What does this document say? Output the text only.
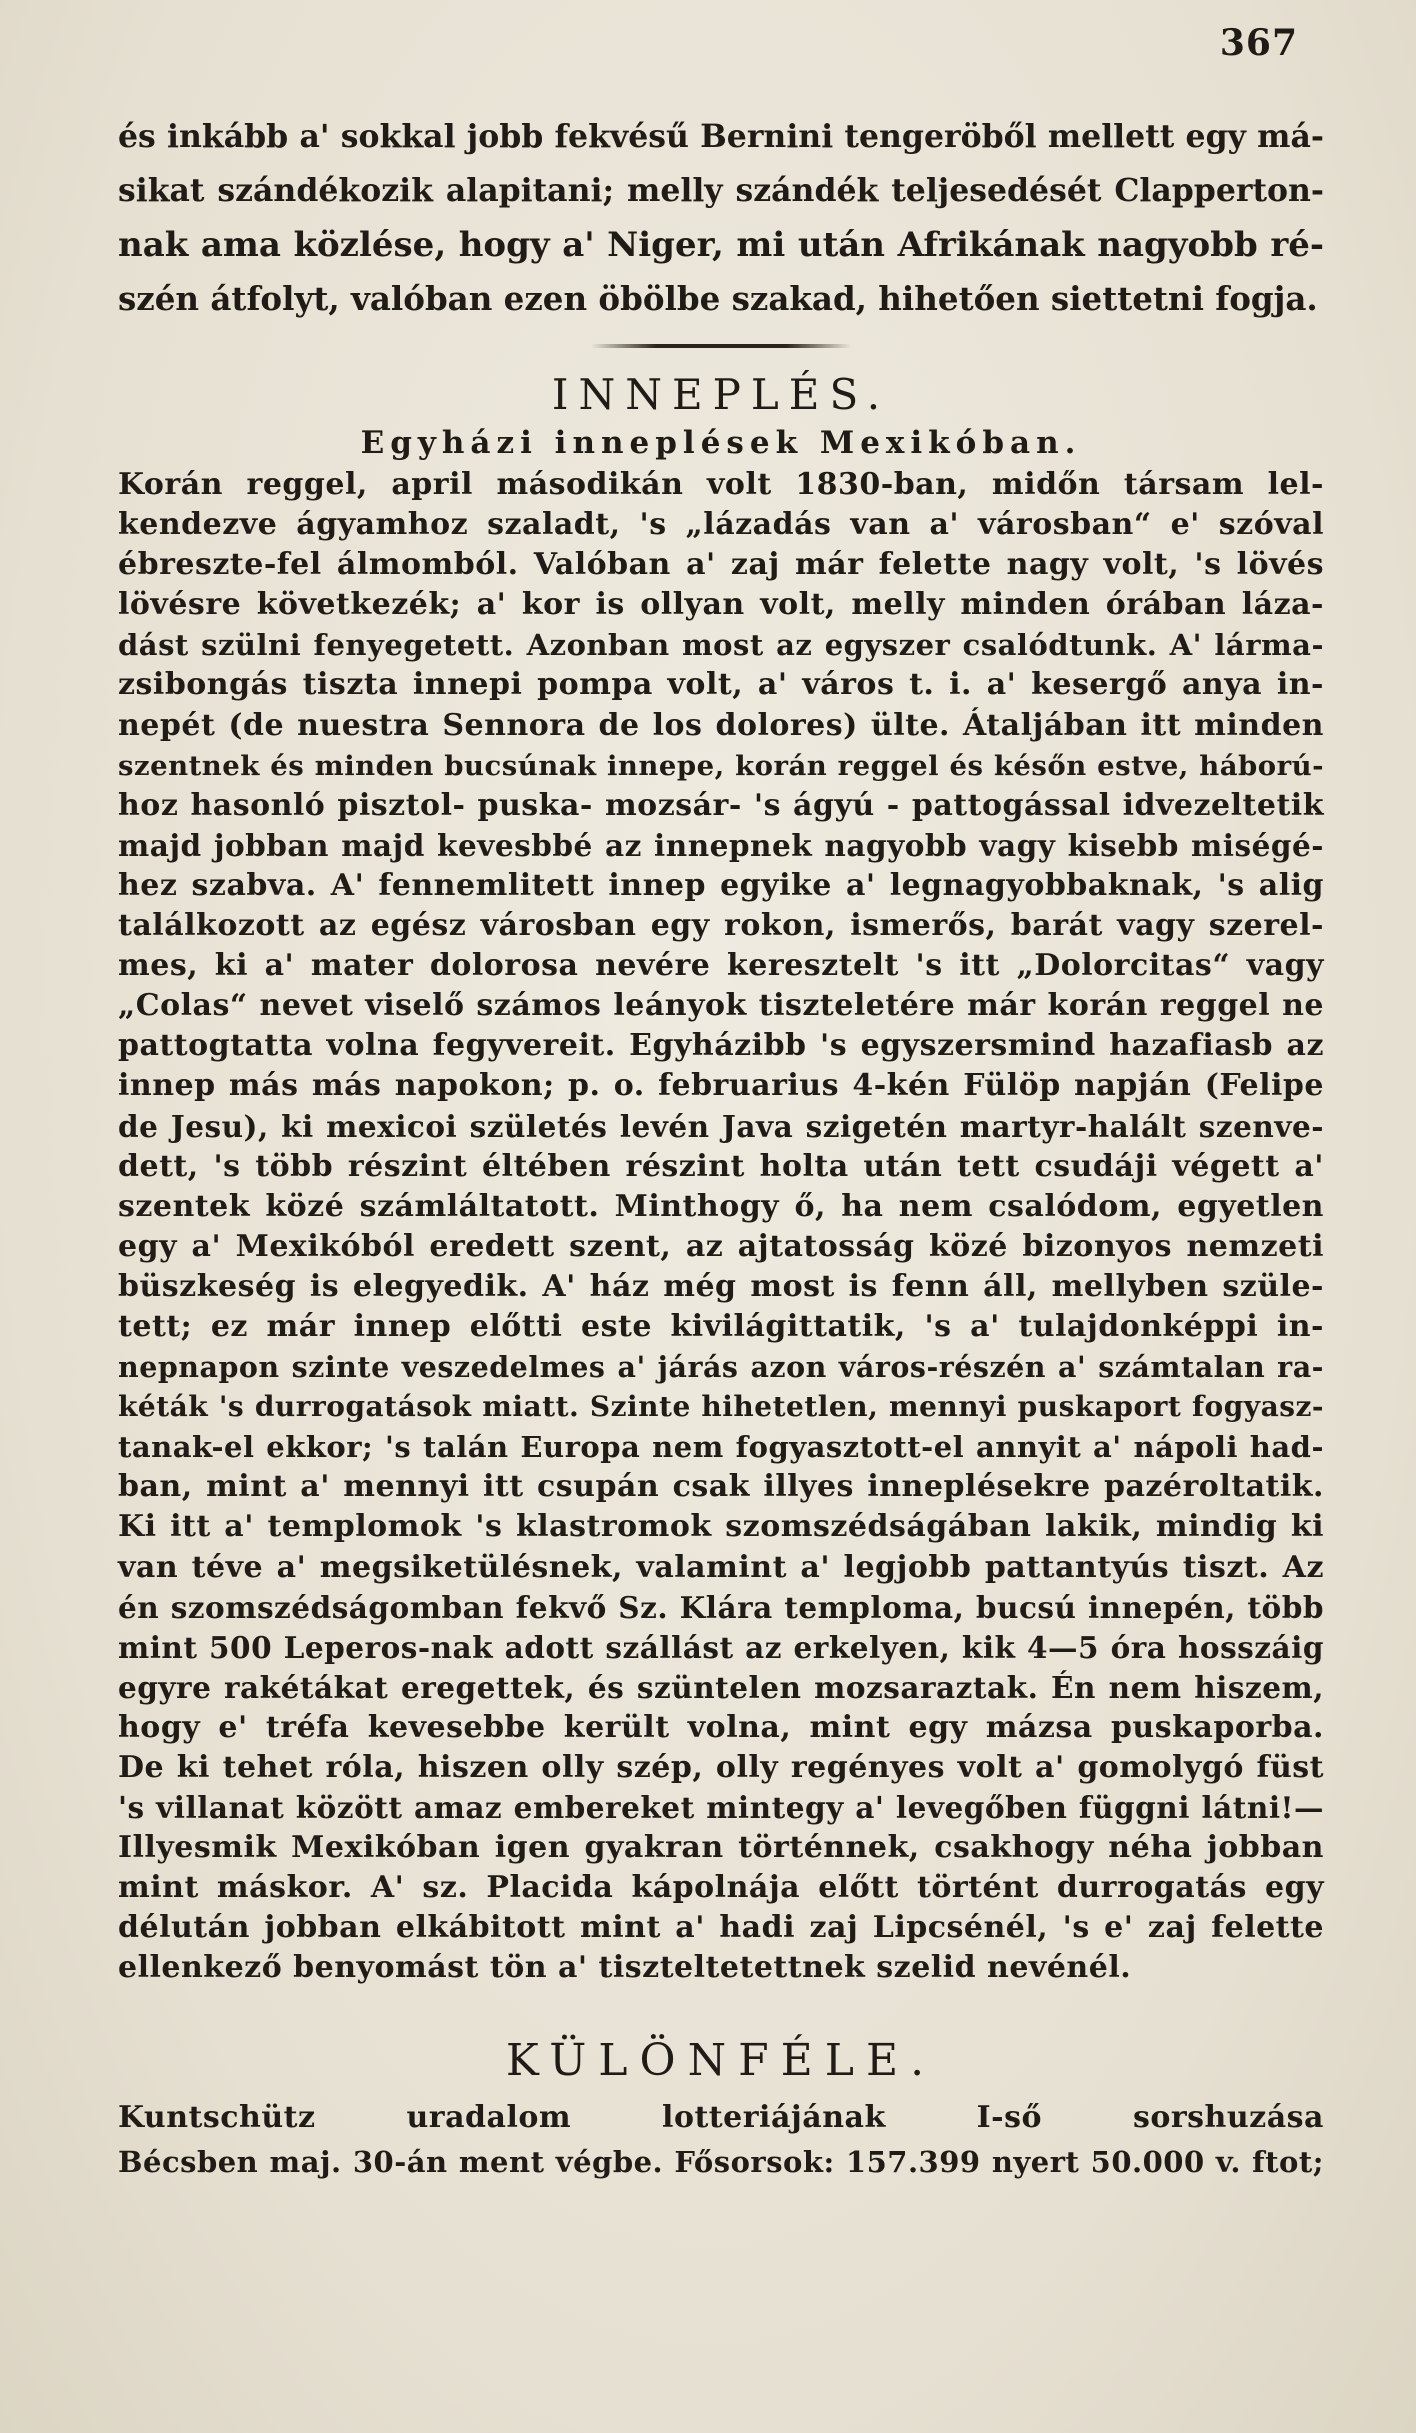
367
és inkább a' sokkal jobb fekvésű Bernini tengeröből mellett egy má-
sikat szándékozik alapitani; melly szándék teljesedését Clapperton-
nak ama közlése, hogy a' Niger, mi után Afrikának nagyobb ré-
szén átfolyt, valóban ezen öbölbe szakad, hihetően siettetni fogja.
INNEPLÉS.
Egyházi inneplések Mexikóban.
Korán reggel, april másodikán volt 1830-ban, midőn társam lel-
kendezve ágyamhoz szaladt, 's „lázadás van a' városban“ e' szóval
ébreszte-fel álmomból. Valóban a' zaj már felette nagy volt, 's lövés
lövésre következék; a' kor is ollyan volt, melly minden órában láza-
dást szülni fenyegetett. Azonban most az egyszer csalódtunk. A' lárma-
zsibongás tiszta innepi pompa volt, a' város t. i. a' kesergő anya in-
nepét (de nuestra Sennora de los dolores) ülte. Átaljában itt minden
szentnek és minden bucsúnak innepe, korán reggel és későn estve, háború-
hoz hasonló pisztol- puska- mozsár- 's ágyú - pattogással idvezeltetik
majd jobban majd kevesbbé az innepnek nagyobb vagy kisebb miségé-
hez szabva. A' fennemlitett innep egyike a' legnagyobbaknak, 's alig
találkozott az egész városban egy rokon, ismerős, barát vagy szerel-
mes, ki a' mater dolorosa nevére keresztelt 's itt „Dolorcitas“ vagy
„Colas“ nevet viselő számos leányok tiszteletére már korán reggel ne
pattogtatta volna fegyvereit. Egyházibb 's egyszersmind hazafiasb az
innep más más napokon; p. o. februarius 4-kén Fülöp napján (Felipe
de Jesu), ki mexicoi születés levén Java szigetén martyr-halált szenve-
dett, 's több részint éltében részint holta után tett csudáji végett a'
szentek közé számláltatott. Minthogy ő, ha nem csalódom, egyetlen
egy a' Mexikóból eredett szent, az ajtatosság közé bizonyos nemzeti
büszkeség is elegyedik. A' ház még most is fenn áll, mellyben szüle-
tett; ez már innep előtti este kivilágittatik, 's a' tulajdonképpi in-
nepnapon szinte veszedelmes a' járás azon város-részén a' számtalan ra-
kéták 's durrogatások miatt. Szinte hihetetlen, mennyi puskaport fogyasz-
tanak-el ekkor; 's talán Europa nem fogyasztott-el annyit a' nápoli had-
ban, mint a' mennyi itt csupán csak illyes inneplésekre pazéroltatik.
Ki itt a' templomok 's klastromok szomszédságában lakik, mindig ki
van téve a' megsiketülésnek, valamint a' legjobb pattantyús tiszt. Az
én szomszédságomban fekvő Sz. Klára temploma, bucsú innepén, több
mint 500 Leperos-nak adott szállást az erkelyen, kik 4—5 óra hosszáig
egyre rakétákat eregettek, és szüntelen mozsaraztak. Én nem hiszem,
hogy e' tréfa kevesebbe került volna, mint egy mázsa puskaporba.
De ki tehet róla, hiszen olly szép, olly regényes volt a' gomolygó füst
's villanat között amaz embereket mintegy a' levegőben függni látni!—
Illyesmik Mexikóban igen gyakran történnek, csakhogy néha jobban
mint máskor. A' sz. Placida kápolnája előtt történt durrogatás egy
délután jobban elkábitott mint a' hadi zaj Lipcsénél, 's e' zaj felette
ellenkező benyomást tön a' tiszteltetettnek szelid nevénél.
KÜLÖNFÉLE.
Kuntschütz uradalom lotteriájának I-ső sorshuzása
Bécsben maj. 30-án ment végbe. Fősorsok: 157.399 nyert 50.000 v. ftot;
